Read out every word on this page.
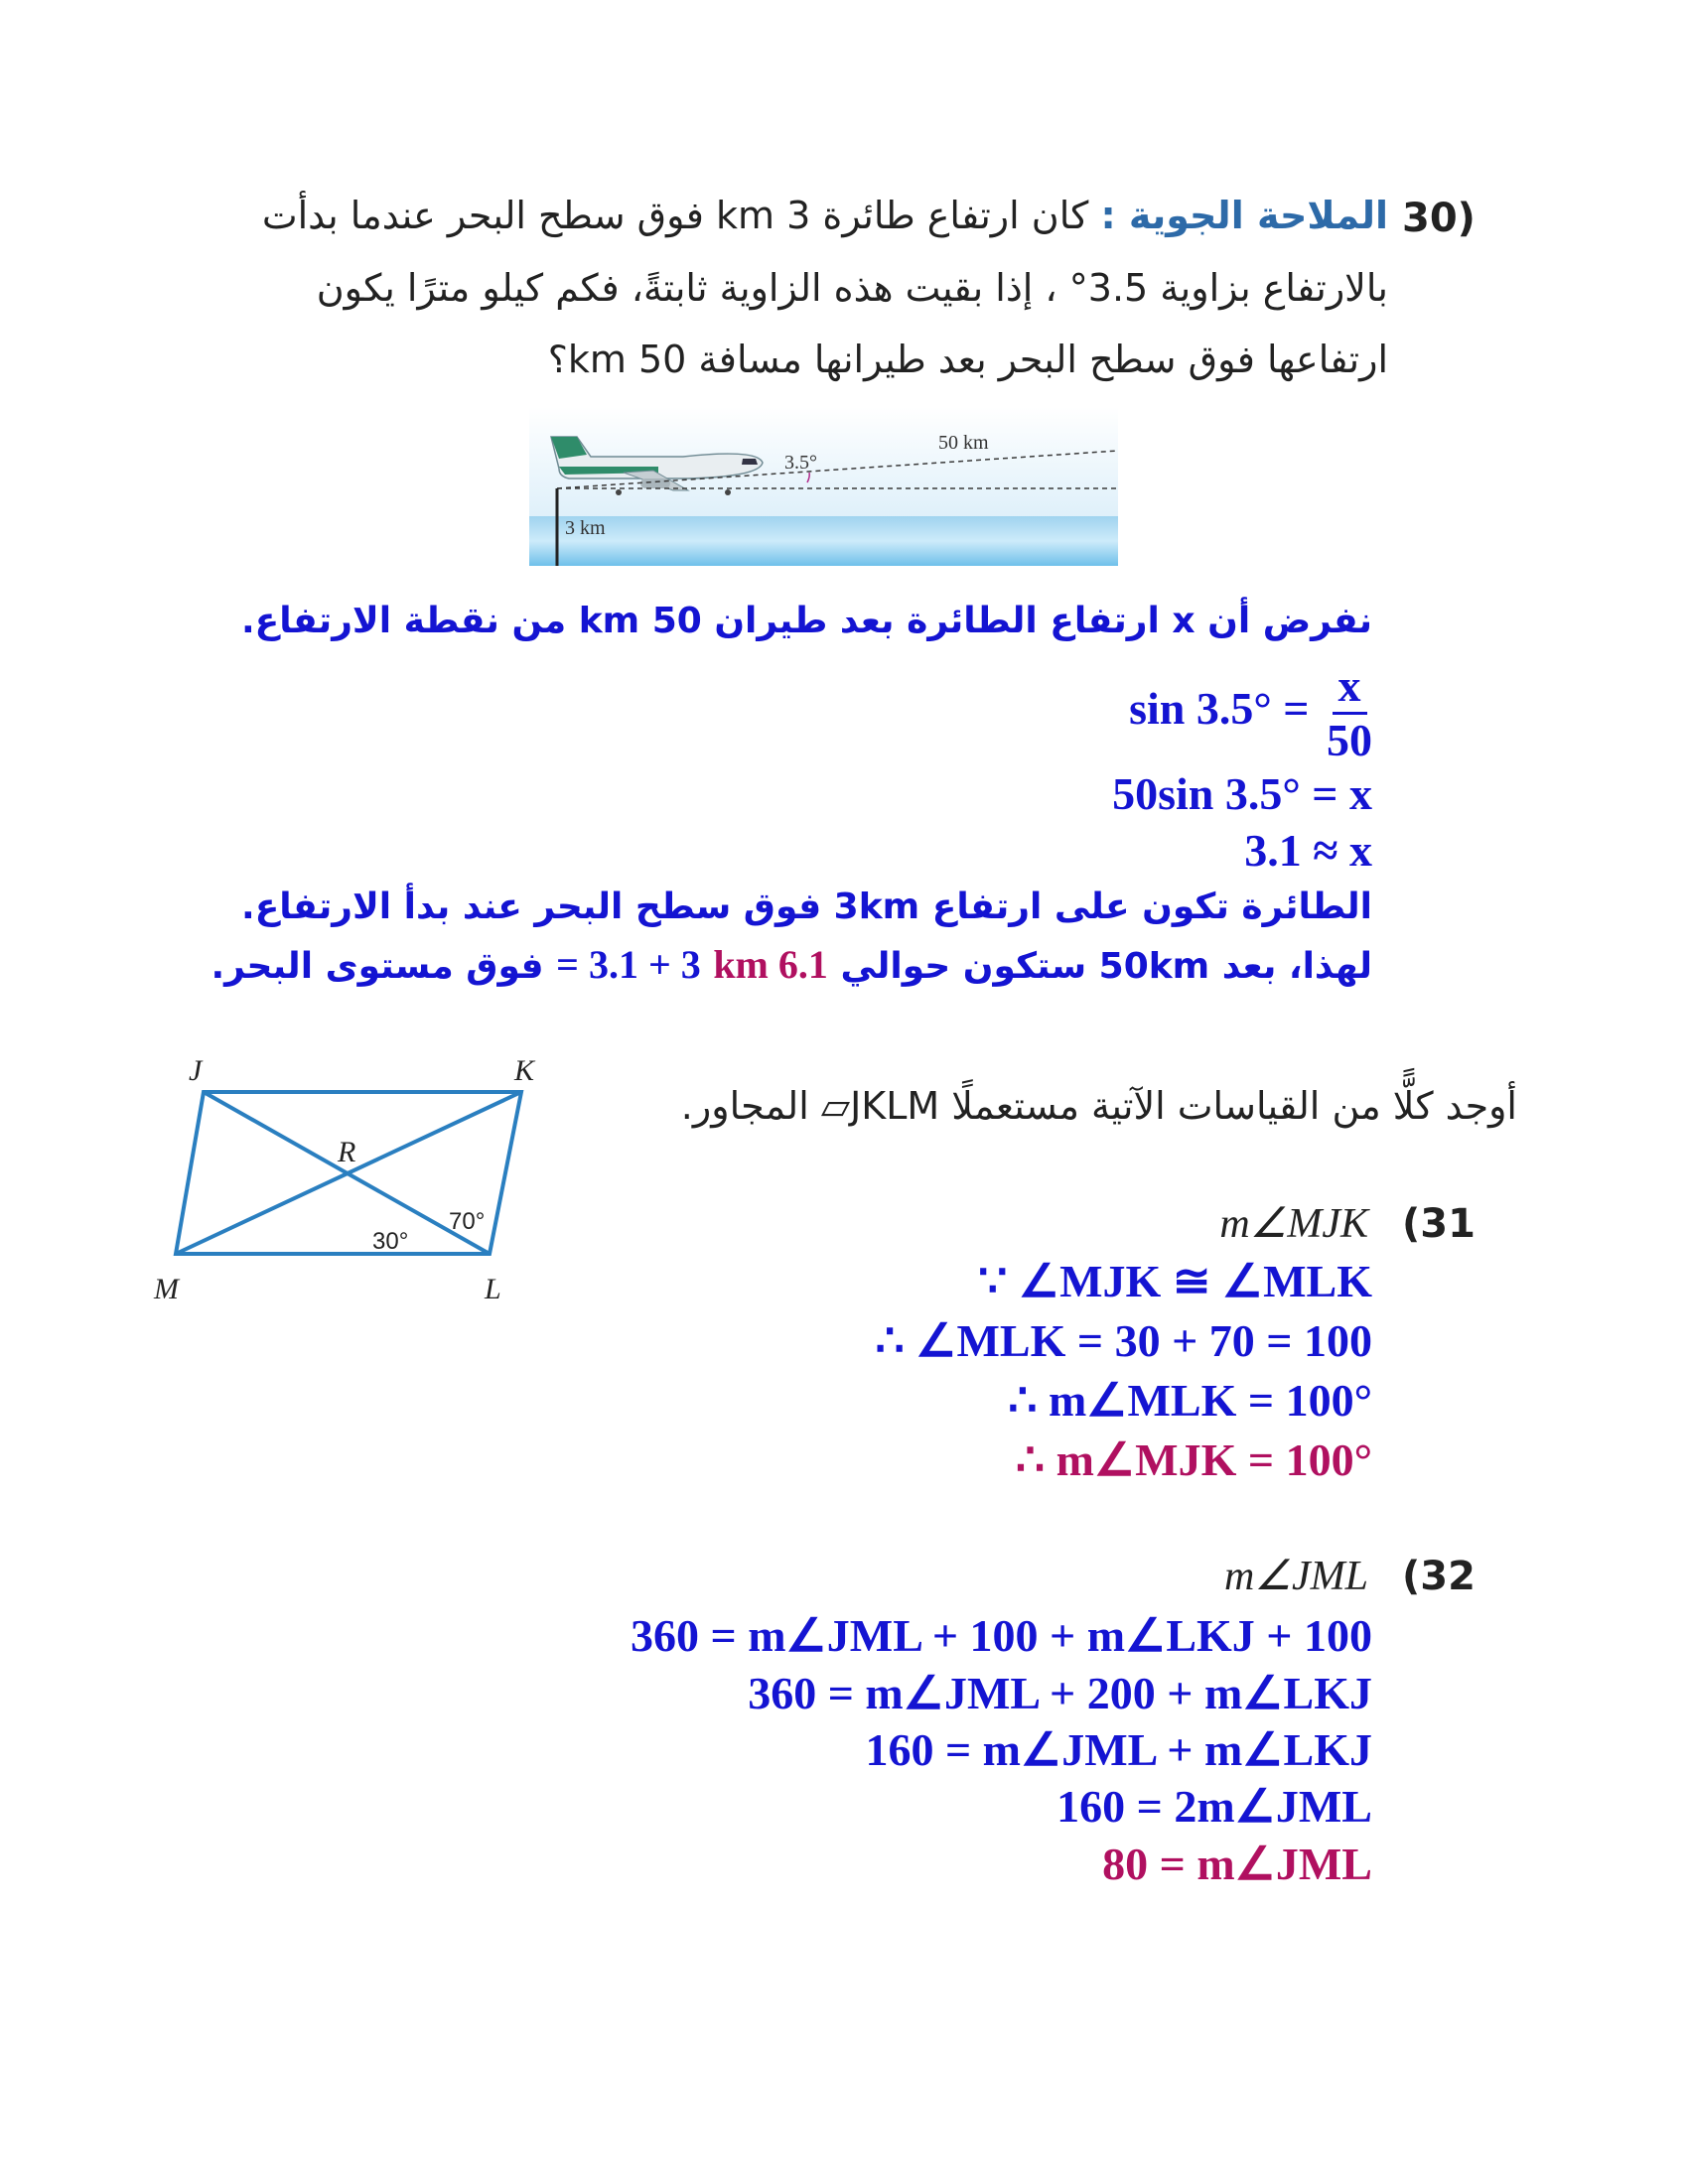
30)
الملاحة الجوية : كان ارتفاع طائرة 3 km فوق سطح البحر عندما بدأت
بالارتفاع بزاوية 3.5° ، إذا بقيت هذه الزاوية ثابتةً، فكم كيلو مترًا يكون
ارتفاعها فوق سطح البحر بعد طيرانها مسافة 50 km؟
3.5°
50 km
3 km
نفرض أن x ارتفاع الطائرة بعد طيران 50 km من نقطة الارتفاع.
$\sin 3.5^\circ = \frac{x}{50}$
50sin 3.5° = x
3.1 ≈ x
الطائرة تكون على ارتفاع 3km فوق سطح البحر عند بدأ الارتفاع.
لهذا، بعد 50km ستكون حوالي 6.1 km = 3.1 + 3 فوق مستوى البحر.
J	K
L
M
R
70°
30°
أوجد كلًّا من القياسات الآتية مستعملًا JKLM▱ المجاور.
(31
m∠MJK
∵ ∠MJK ≅ ∠MLK
∴ ∠MLK = 30 + 70 = 100
∴ m∠MLK = 100°
∴ m∠MJK = 100°
(32
m∠JML
360 = m∠JML + 100 + m∠LKJ + 100
360 = m∠JML + 200 + m∠LKJ
160 = m∠JML + m∠LKJ
160 = 2m∠JML
80 = m∠JML
